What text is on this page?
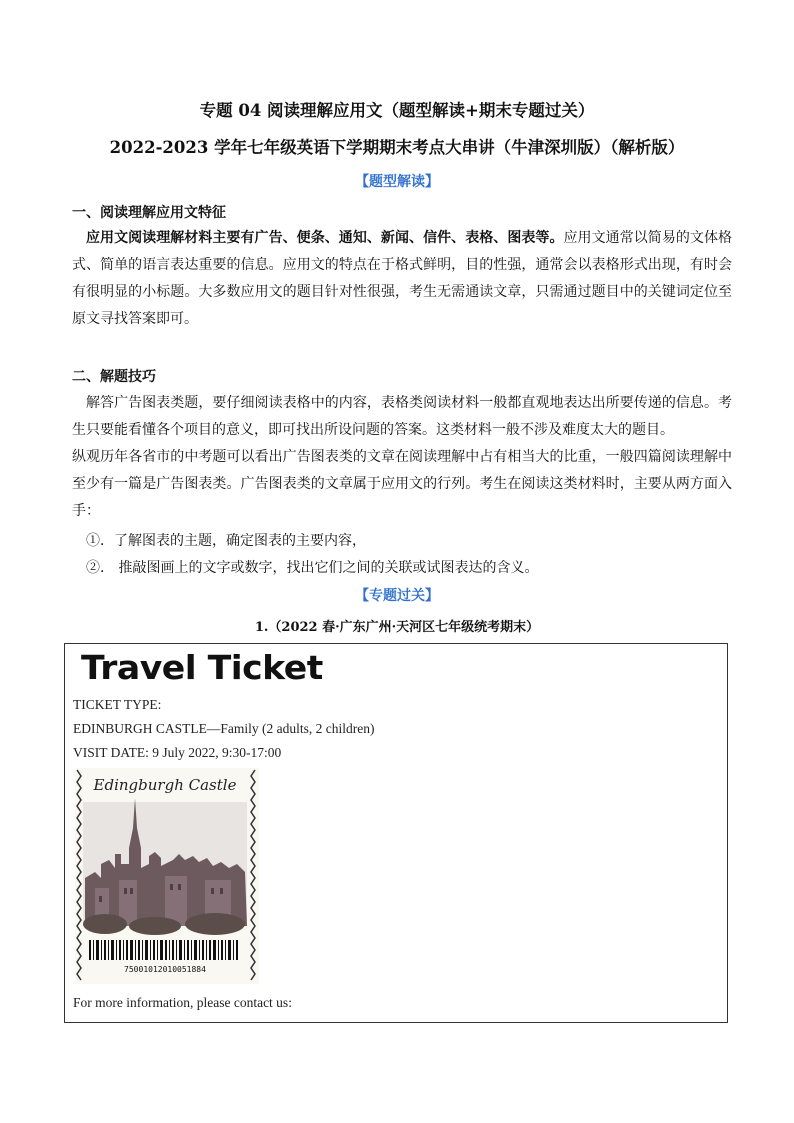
专题 04 阅读理解应用文（题型解读+期末专题过关）
2022-2023 学年七年级英语下学期期末考点大串讲（牛津深圳版）（解析版）
【题型解读】
一、阅读理解应用文特征

应用文阅读理解材料主要有广告、便条、通知、新闻、信件、表格、图表等。应用文通常以简易的文体格式、简单的语言表达重要的信息。应用文的特点在于格式鲜明，目的性强，通常会以表格形式出现，有时会有很明显的小标题。大多数应用文的题目针对性很强，考生无需通读文章，只需通过题目中的关键词定位至原文寻找答案即可。

二、解题技巧

解答广告图表类题，要仔细阅读表格中的内容，表格类阅读材料一般都直观地表达出所要传递的信息。考生只要能看懂各个项目的意义，即可找出所设问题的答案。这类材料一般不涉及难度太大的题目。

纵观历年各省市的中考题可以看出广告图表类的文章在阅读理解中占有相当大的比重，一般四篇阅读理解中至少有一篇是广告图表类。广告图表类的文章属于应用文的行列。考生在阅读这类材料时，主要从两方面入手：

①．了解图表的主题，确定图表的主要内容，
②． 推敲图画上的文字或数字，找出它们之间的关联或试图表达的含义。
【专题过关】
1.（2022 春·广东广州·天河区七年级统考期末）
Travel Ticket
TICKET TYPE:
EDINBURGH CASTLE—Family (2 adults, 2 children)
VISIT DATE: 9 July 2022, 9:30-17:00
Edingburgh Castle
75001012010051884
For more information, please contact us:
